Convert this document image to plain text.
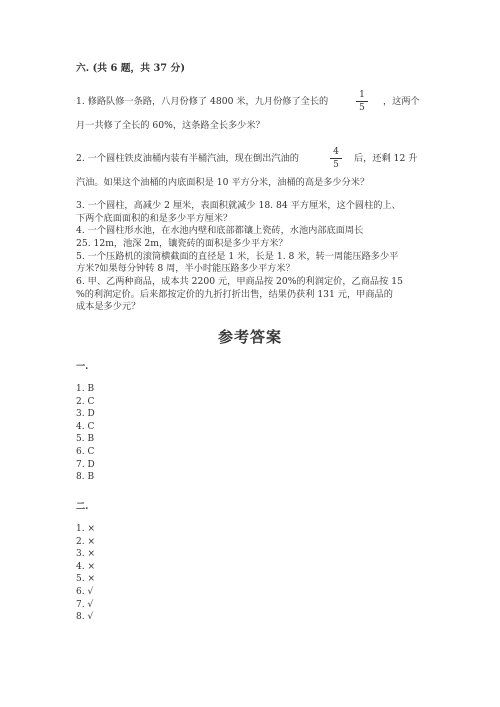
六. (共 6 题，共 37 分)
1. 修路队修一条路，八月份修了 4800 米，九月份修了全长的
1
5
，这两个
月一共修了全长的 60%，这条路全长多少米？
2. 一个圆柱铁皮油桶内装有半桶汽油，现在倒出汽油的
4
5
后，还剩 12 升
汽油。如果这个油桶的内底面积是 10 平方分米，油桶的高是多少分米？
3. 一个圆柱，高减少 2 厘米，表面积就减少 18. 84 平方厘米，这个圆柱的上、
下两个底面面积的和是多少平方厘米？
4. 一个圆柱形水池，在水池内壁和底部都镶上瓷砖，水池内部底面周长
25. 12m，池深 2m，镶瓷砖的面积是多少平方米？
5. 一个压路机的滚筒横截面的直径是 1 米，长是 1. 8 米，转一周能压路多少平
方米?如果每分钟转 8 周，半小时能压路多少平方米？
6. 甲、乙两种商品，成本共 2200 元，甲商品按 20%的利润定价，乙商品按 15
%的利润定价。后来都按定价的九折打折出售，结果仍获利 131 元，甲商品的
成本是多少元？
参考答案
一.
1. B
2. C
3. D
4. C
5. B
6. C
7. D
8. B
二.
1. ×
2. ×
3. ×
4. ×
5. ×
6. √
7. √
8. √
